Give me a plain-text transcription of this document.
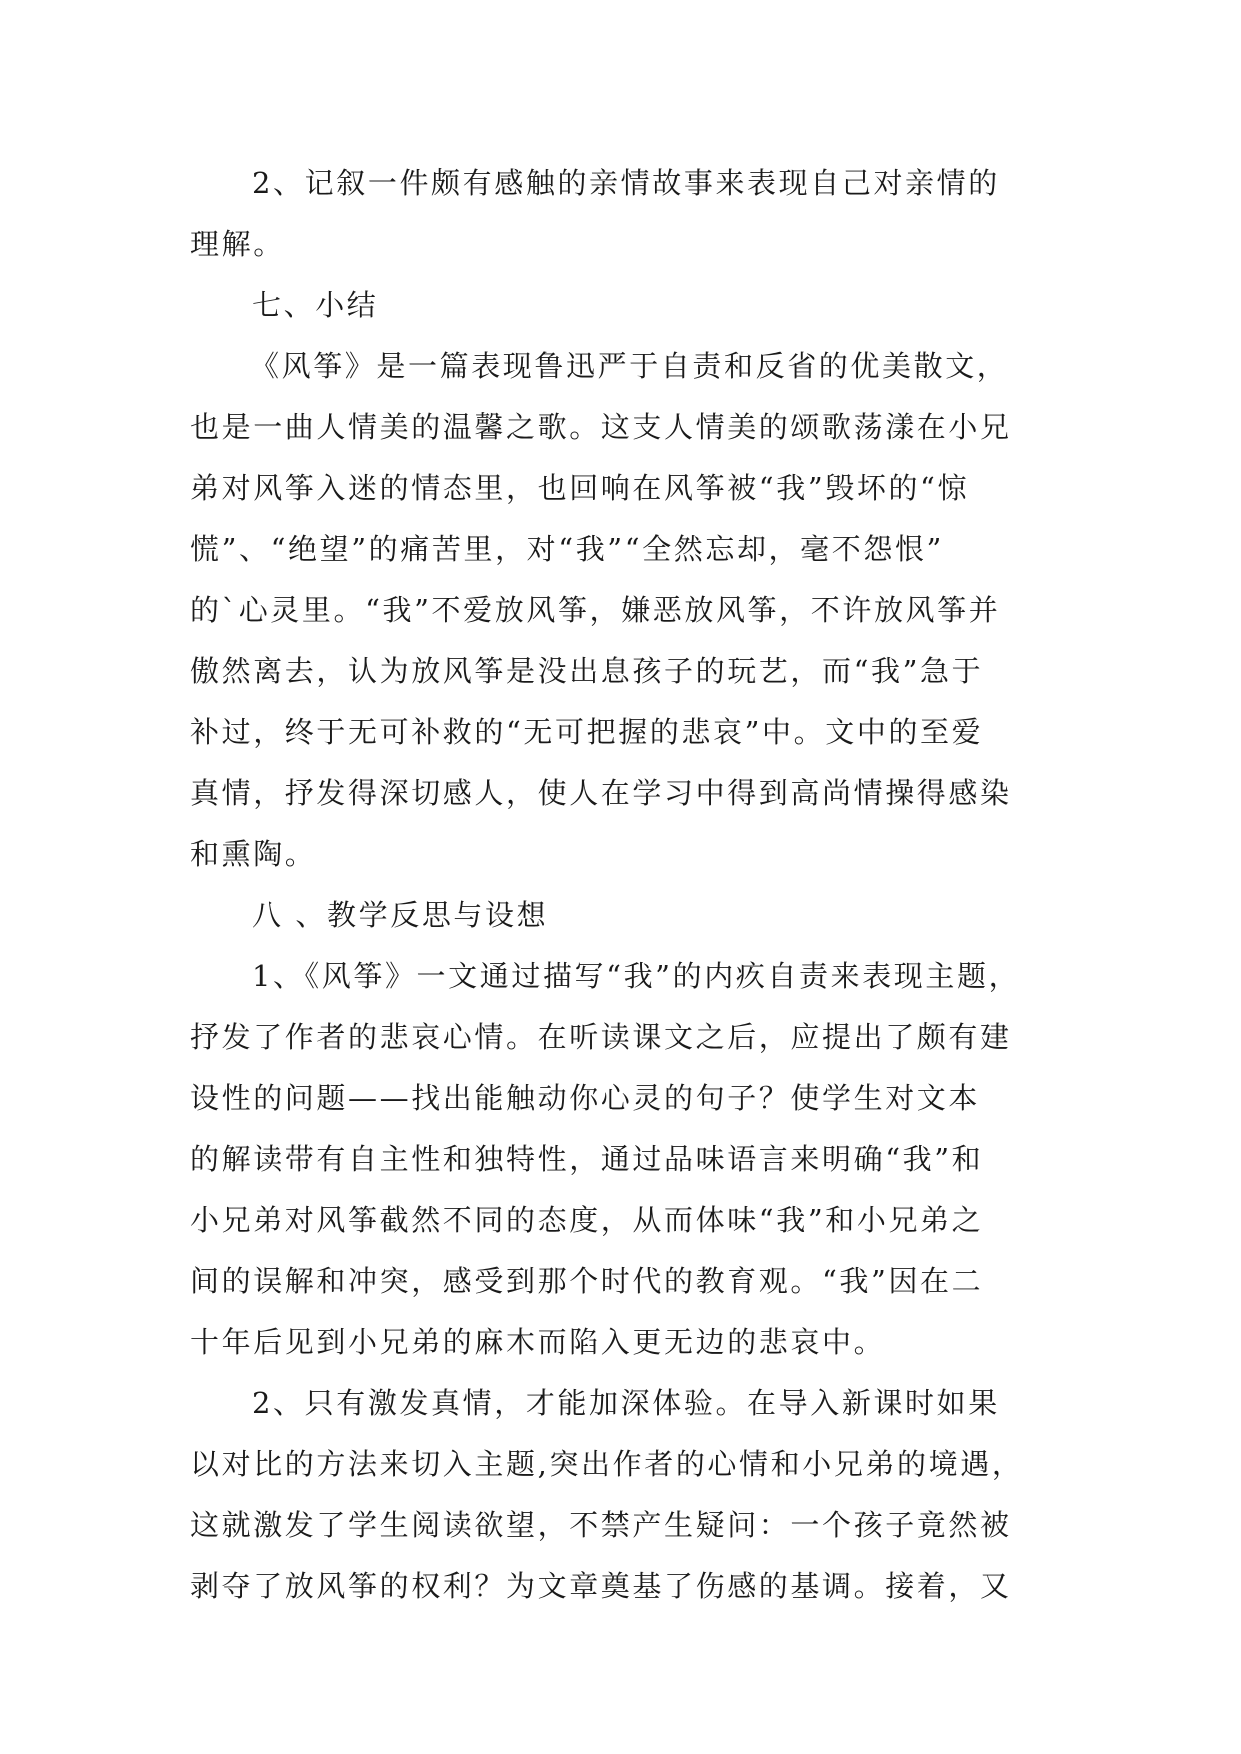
2、记叙一件颇有感触的亲情故事来表现自己对亲情的
理解。
七、小结
《风筝》是一篇表现鲁迅严于自责和反省的优美散文，
也是一曲人情美的温馨之歌。这支人情美的颂歌荡漾在小兄
弟对风筝入迷的情态里，也回响在风筝被“我”毁坏的“惊
慌”、“绝望”的痛苦里，对“我”“全然忘却，毫不怨恨”
的`心灵里。“我”不爱放风筝，嫌恶放风筝，不许放风筝并
傲然离去，认为放风筝是没出息孩子的玩艺，而“我”急于
补过，终于无可补救的“无可把握的悲哀”中。文中的至爱
真情，抒发得深切感人，使人在学习中得到高尚情操得感染
和熏陶。
八 、教学反思与设想
1、《风筝》一文通过描写“我”的内疚自责来表现主题，
抒发了作者的悲哀心情。在听读课文之后，应提出了颇有建
设性的问题——找出能触动你心灵的句子？使学生对文本
的解读带有自主性和独特性，通过品味语言来明确“我”和
小兄弟对风筝截然不同的态度，从而体味“我”和小兄弟之
间的误解和冲突，感受到那个时代的教育观。“我”因在二
十年后见到小兄弟的麻木而陷入更无边的悲哀中。
2、只有激发真情，才能加深体验。在导入新课时如果
以对比的方法来切入主题,突出作者的心情和小兄弟的境遇，
这就激发了学生阅读欲望，不禁产生疑问：一个孩子竟然被
剥夺了放风筝的权利？为文章奠基了伤感的基调。接着，又
